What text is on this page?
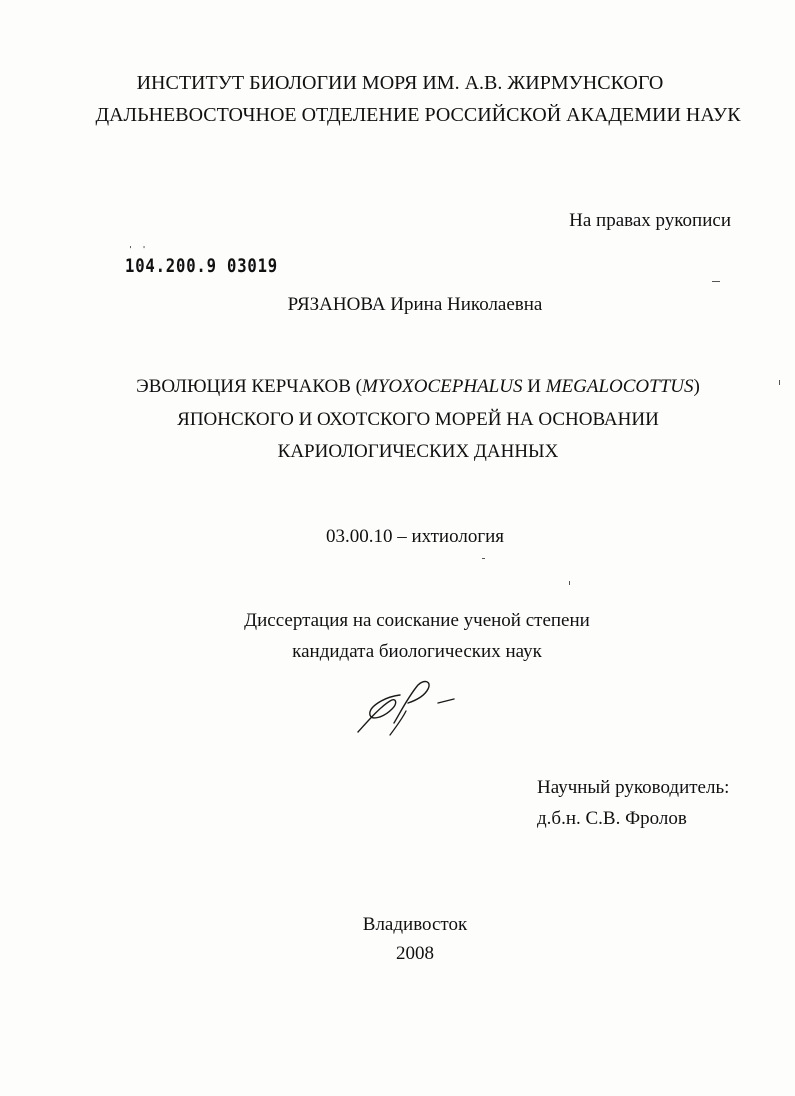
ИНСТИТУТ БИОЛОГИИ МОРЯ ИМ. А.В. ЖИРМУНСКОГО
ДАЛЬНЕВОСТОЧНОЕ ОТДЕЛЕНИЕ РОССИЙСКОЙ АКАДЕМИИ НАУК
На правах рукописи
' '
104.200.9 03019
РЯЗАНОВА Ирина Николаевна
ЭВОЛЮЦИЯ КЕРЧАКОВ (MYOXOCEPHALUS И MEGALOCOTTUS)
ЯПОНСКОГО И ОХОТСКОГО МОРЕЙ НА ОСНОВАНИИ
КАРИОЛОГИЧЕСКИХ ДАННЫХ
03.00.10 – ихтиология
Диссертация на соискание ученой степени
кандидата биологических наук
Научный руководитель:
д.б.н. С.В. Фролов
Владивосток
2008
